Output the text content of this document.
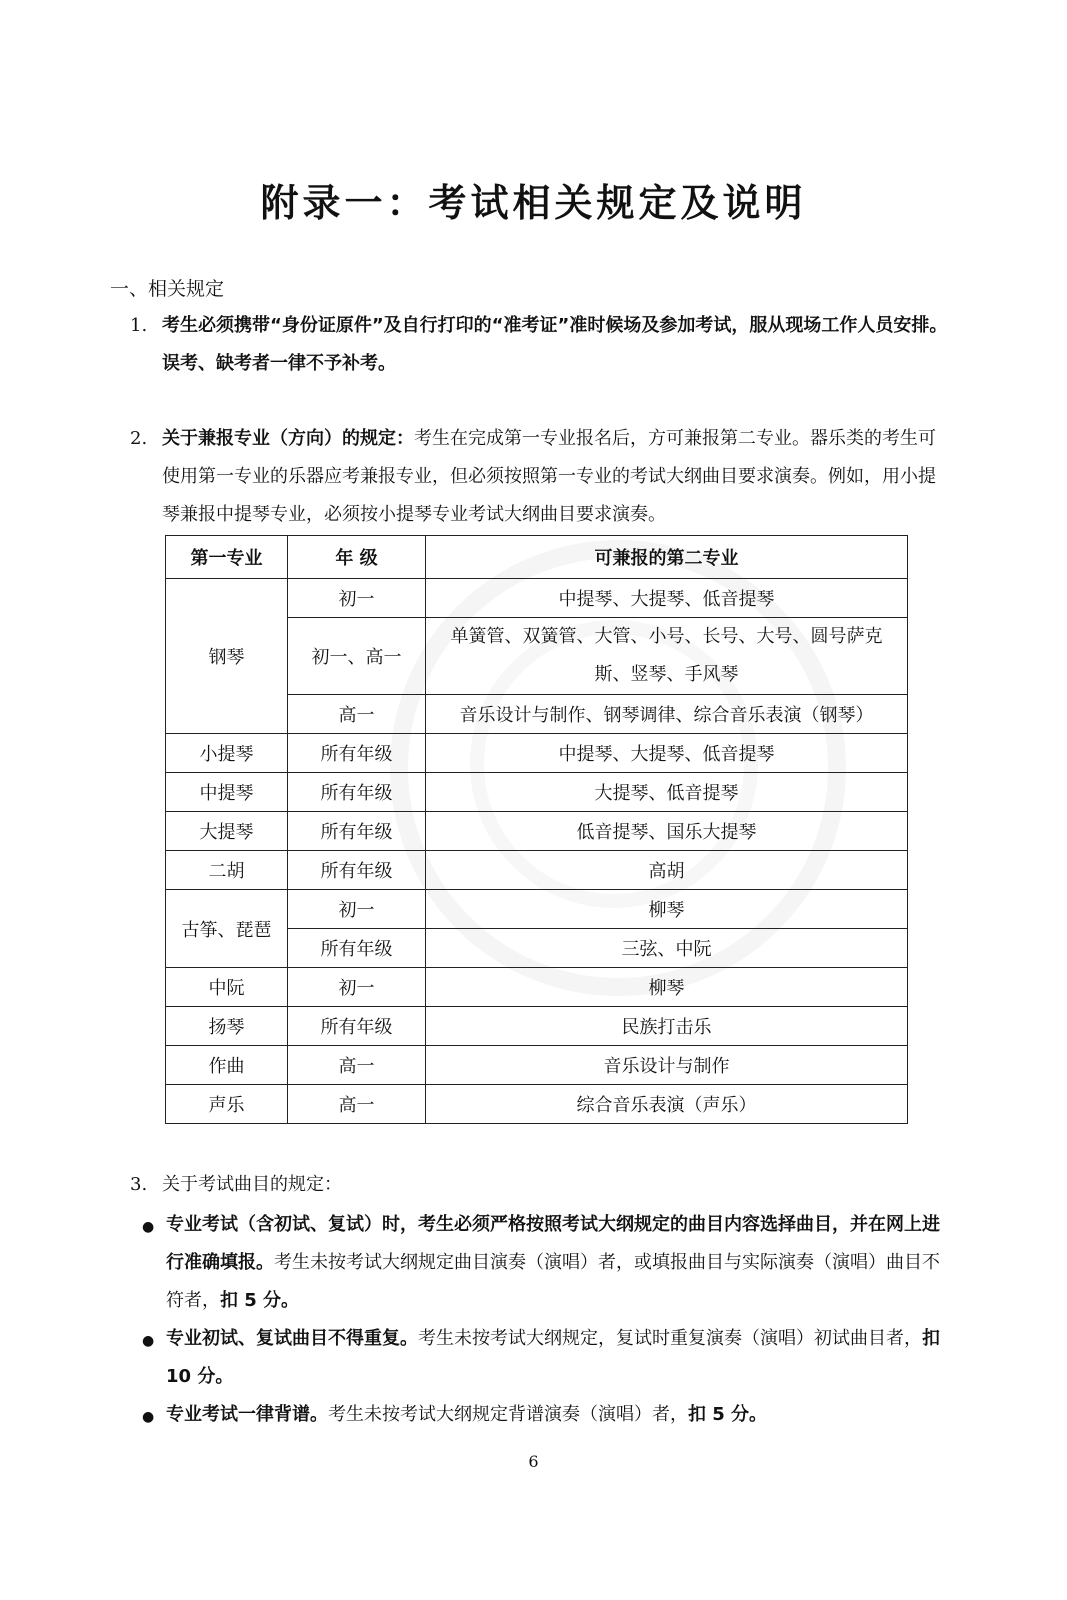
附录一：考试相关规定及说明
一、相关规定
1. 考生必须携带“身份证原件”及自行打印的“准考证”准时候场及参加考试，服从现场工作人员安排。误考、缺考者一律不予补考。
2. 关于兼报专业（方向）的规定：考生在完成第一专业报名后，方可兼报第二专业。器乐类的考生可使用第一专业的乐器应考兼报专业，但必须按照第一专业的考试大纲曲目要求演奏。例如，用小提琴兼报中提琴专业，必须按小提琴专业考试大纲曲目要求演奏。
第一专业	年 级	可兼报的第二专业
钢琴	初一	中提琴、大提琴、低音提琴
	初一、高一	单簧管、双簧管、大管、小号、长号、大号、圆号萨克斯、竖琴、手风琴
	高一	音乐设计与制作、钢琴调律、综合音乐表演（钢琴）
小提琴	所有年级	中提琴、大提琴、低音提琴
中提琴	所有年级	大提琴、低音提琴
大提琴	所有年级	低音提琴、国乐大提琴
二胡	所有年级	高胡
古筝、琵琶	初一	柳琴
	所有年级	三弦、中阮
中阮	初一	柳琴
扬琴	所有年级	民族打击乐
作曲	高一	音乐设计与制作
声乐	高一	综合音乐表演（声乐）
3. 关于考试曲目的规定：
● 专业考试（含初试、复试）时，考生必须严格按照考试大纲规定的曲目内容选择曲目，并在网上进行准确填报。考生未按考试大纲规定曲目演奏（演唱）者，或填报曲目与实际演奏（演唱）曲目不符者，扣 5 分。
● 专业初试、复试曲目不得重复。考生未按考试大纲规定，复试时重复演奏（演唱）初试曲目者，扣 10 分。
● 专业考试一律背谱。考生未按考试大纲规定背谱演奏（演唱）者，扣 5 分。
6
